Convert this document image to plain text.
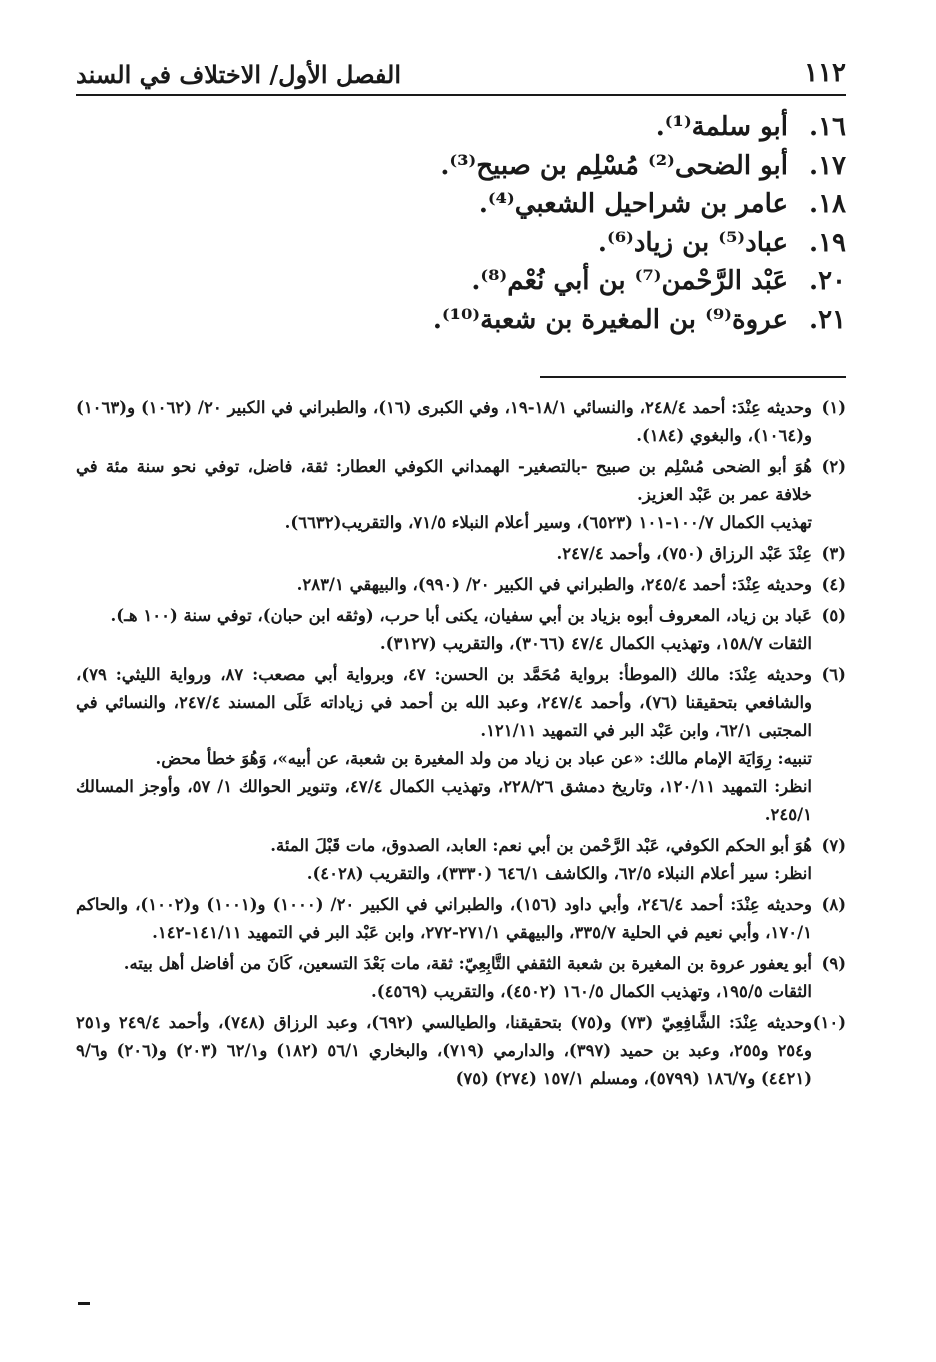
١١٢
الفصل الأول/ الاختلاف في السند
١٦.أبو سلمة⁽¹⁾.
١٧.أبو الضحى⁽²⁾ مُسْلِم بن صبيح⁽³⁾.
١٨.عامر بن شراحيل الشعبي⁽⁴⁾.
١٩.عباد⁽⁵⁾ بن زياد⁽⁶⁾.
٢٠.عَبْد الرَّحْمن⁽⁷⁾ بن أبي نُعْم⁽⁸⁾.
٢١.عروة⁽⁹⁾ بن المغيرة بن شعبة⁽¹⁰⁾.

(١)وحديثه عِنْدَ: أحمد ٢٤٨/٤، والنسائي ١٨/١-١٩، وفي الكبرى (١٦)، والطبراني في الكبير ٢٠/ (١٠٦٢) و(١٠٦٣) و(١٠٦٤)، والبغوي (١٨٤).

(٢)هُوَ أبو الضحى مُسْلِم بن صبيح -بالتصغير- الهمداني الكوفي العطار: ثقة، فاضل، توفي نحو سنة مئة في خلافة عمر بن عَبْد العزيز.

تهذيب الكمال ١٠٠/٧-١٠١ (٦٥٢٣)، وسير أعلام النبلاء ٧١/٥، والتقريب(٦٦٣٢).

(٣)عِنْدَ عَبْد الرزاق (٧٥٠)، وأحمد ٢٤٧/٤.

(٤)وحديثه عِنْدَ: أحمد ٢٤٥/٤، والطبراني في الكبير ٢٠/ (٩٩٠)، والبيهقي ٢٨٣/١.

(٥)عَباد بن زياد، المعروف أبوه بزياد بن أبي سفيان، يكنى أبا حرب، (وثقه ابن حبان)، توفي سنة (١٠٠ هـ).

الثقات ١٥٨/٧، وتهذيب الكمال ٤٧/٤ (٣٠٦٦)، والتقريب (٣١٢٧).

(٦)وحديثه عِنْدَ: مالك (الموطأ: برواية مُحَمَّد بن الحسن: ٤٧، وبرواية أبي مصعب: ٨٧، ورواية الليثي: ٧٩)، والشافعي بتحقيقنا (٧٦)، وأحمد ٢٤٧/٤، وعبد الله بن أحمد في زياداته عَلَى المسند ٢٤٧/٤، والنسائي في المجتبى ٦٢/١، وابن عَبْد البر في التمهيد ١٢١/١١.

تنبيه: رِوَايَة الإمام مالك: «عن عباد بن زياد من ولد المغيرة بن شعبة، عن أبيه»، وَهُوَ خطأ محض.

انظر: التمهيد ١٢٠/١١، وتاريخ دمشق ٢٢٨/٢٦، وتهذيب الكمال ٤٧/٤، وتنوير الحوالك ١/ ٥٧، وأوجز المسالك ٢٤٥/١.

(٧)هُوَ أبو الحكم الكوفي، عَبْد الرَّحْمن بن أبي نعم: العابد، الصدوق، مات قَبْلَ المئة.

انظر: سير أعلام النبلاء ٦٢/٥، والكاشف ٦٤٦/١ (٣٣٣٠)، والتقريب (٤٠٢٨).

(٨)وحديثه عِنْدَ: أحمد ٢٤٦/٤، وأبي داود (١٥٦)، والطبراني في الكبير ٢٠/ (١٠٠٠) و(١٠٠١) و(١٠٠٢)، والحاكم ١٧٠/١، وأبي نعيم في الحلية ٣٣٥/٧، والبيهقي ٢٧١/١-٢٧٢، وابن عَبْد البر في التمهيد ١٤١/١١-١٤٢.

(٩)أبو يعفور عروة بن المغيرة بن شعبة الثقفي التَّابِعِيّ: ثقة، مات بَعْدَ التسعين، كَانَ من أفاضل أهل بيته.

الثقات ١٩٥/٥، وتهذيب الكمال ١٦٠/٥ (٤٥٠٢)، والتقريب (٤٥٦٩).

(١٠)وحديثه عِنْدَ: الشَّافِعِيّ (٧٣) و(٧٥) بتحقيقنا، والطيالسي (٦٩٢)، وعبد الرزاق (٧٤٨)، وأحمد ٢٤٩/٤ و٢٥١ و٢٥٤ و٢٥٥، وعبد بن حميد (٣٩٧)، والدارمي (٧١٩)، والبخاري ٥٦/١ (١٨٢) و٦٢/١ (٢٠٣) و(٢٠٦) و٩/٦ (٤٤٢١) و١٨٦/٧ (٥٧٩٩)، ومسلم ١٥٧/١ (٢٧٤) (٧٥)
